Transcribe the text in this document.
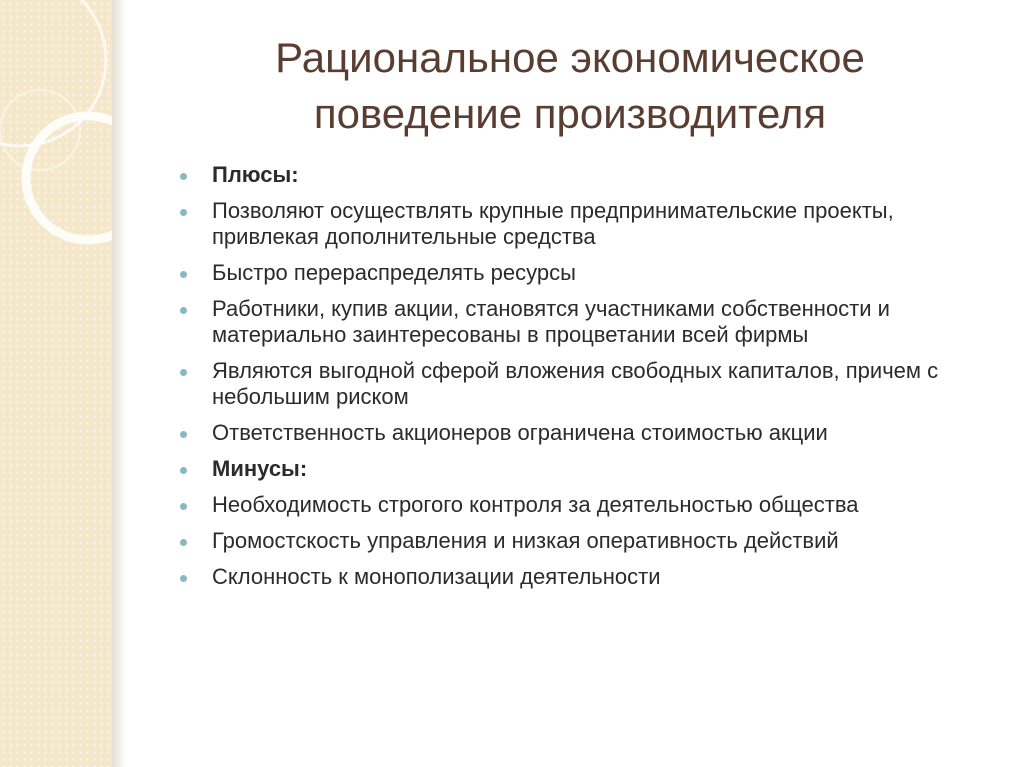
Рациональное экономическое
поведение производителя
Плюсы:
Позволяют осуществлять крупные предпринимательские проекты, привлекая дополнительные средства
Быстро перераспределять ресурсы
Работники, купив акции, становятся участниками собственности и материально заинтересованы в процветании всей фирмы
Являются выгодной сферой вложения свободных капиталов, причем с небольшим риском
Ответственность акционеров ограничена стоимостью акции
Минусы:
Необходимость строгого контроля за деятельностью общества
Громостскость управления и низкая оперативность действий
Склонность к монополизации деятельности
